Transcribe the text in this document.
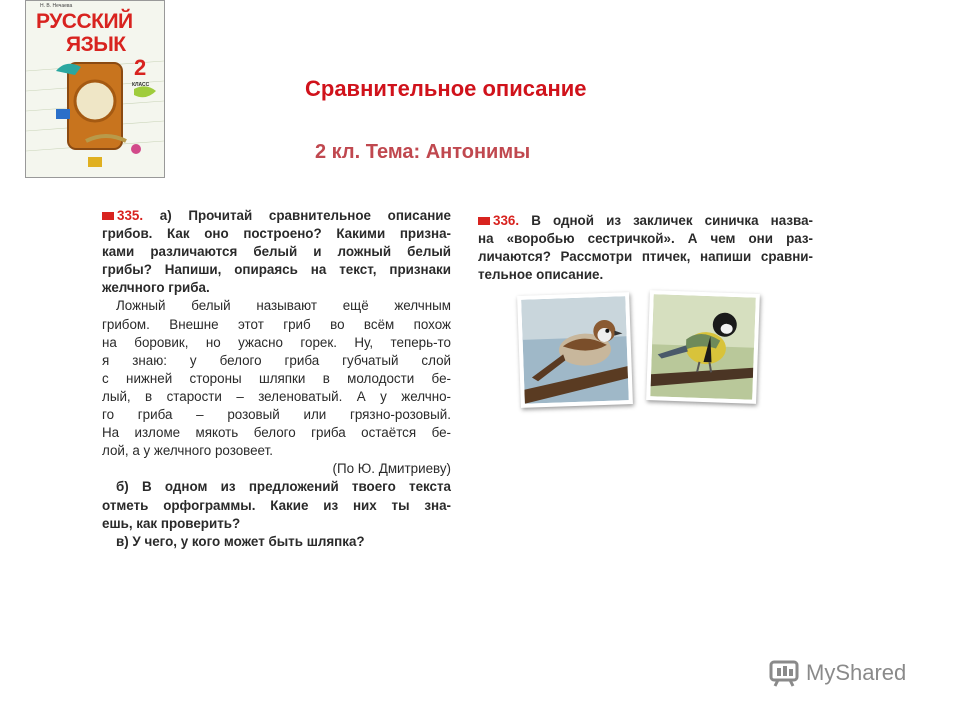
Н. В. Нечаева
РУССКИЙ
ЯЗЫК
2
КЛАСС	Сравнительное описание
2 кл. Тема: Антонимы
335. а) Прочитай сравнительное описание
грибов. Как оно построено? Какими призна-
ками различаются белый и ложный белый
грибы? Напиши, опираясь на текст, признаки
желчного гриба.
Ложный белый называют ещё желчным
грибом. Внешне этот гриб во всём похож
на боровик, но ужасно горек. Ну, теперь-то
я знаю: у белого гриба губчатый слой
с нижней стороны шляпки в молодости бе-
лый, в старости – зеленоватый. А у желчно-
го гриба – розовый или грязно-розовый.
На изломе мякоть белого гриба остаётся бе-
лой, а у желчного розовеет.
(По Ю. Дмитриеву)
б) В одном из предложений твоего текста
отметь орфограммы. Какие из них ты зна-
ешь, как проверить?
в) У чего, у кого может быть шляпка?
336. В одной из закличек синичка назва-
на «воробью сестричкой». А чем они раз-
личаются? Рассмотри птичек, напиши сравни-
тельное описание.
MyShared
